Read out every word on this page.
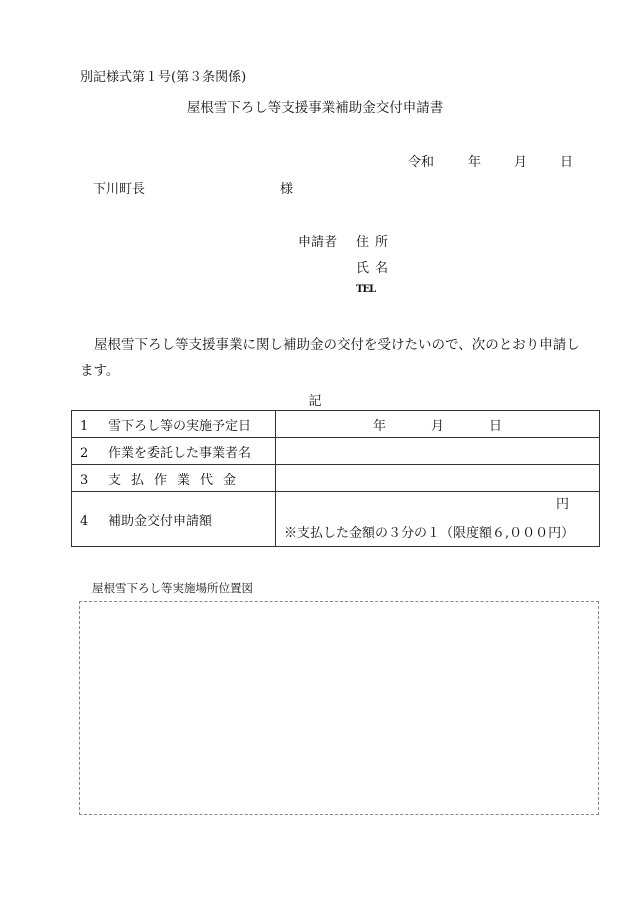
別記様式第１号(第３条関係)
屋根雪下ろし等支援事業補助金交付申請書
令和	年	月	日
下川町長	様
申請者 住所
氏名
TEL
屋根雪下ろし等支援事業に関し補助金の交付を受けたいので、次のとおり申請します。
記
1 雪下ろし等の実施予定日	年 月 日
2 作業を委託した事業者名	
3 支払作業代金	
4 補助金交付申請額	円
※支払した金額の３分の１（限度額６,０００円）
屋根雪下ろし等実施場所位置図
